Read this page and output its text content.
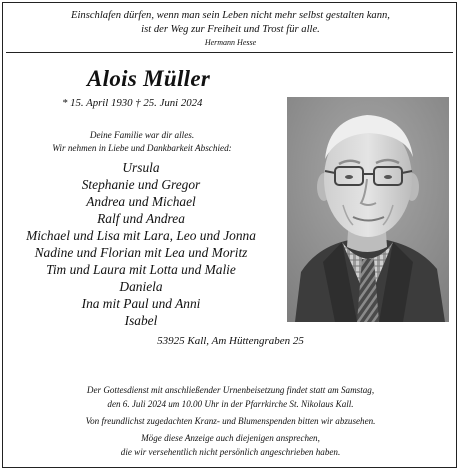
Einschlafen dürfen, wenn man sein Leben nicht mehr selbst gestalten kann,
ist der Weg zur Freiheit und Trost für alle.
Hermann Hesse
Alois Müller
* 15. April 1930 † 25. Juni 2024
Deine Familie war dir alles.
Wir nehmen in Liebe und Dankbarkeit Abschied:
Ursula
Stephanie und Gregor
Andrea und Michael
Ralf und Andrea
Michael und Lisa mit Lara, Leo und Jonna
Nadine und Florian mit Lea und Moritz
Tim und Laura mit Lotta und Malie
Daniela
Ina mit Paul und Anni
Isabel
53925 Kall, Am Hüttengraben 25
Der Gottesdienst mit anschließender Urnenbeisetzung findet statt am Samstag,
den 6. Juli 2024 um 10.00 Uhr in der Pfarrkirche St. Nikolaus Kall.
Von freundlichst zugedachten Kranz- und Blumenspenden bitten wir abzusehen.
Möge diese Anzeige auch diejenigen ansprechen,
die wir versehentlich nicht persönlich angeschrieben haben.
